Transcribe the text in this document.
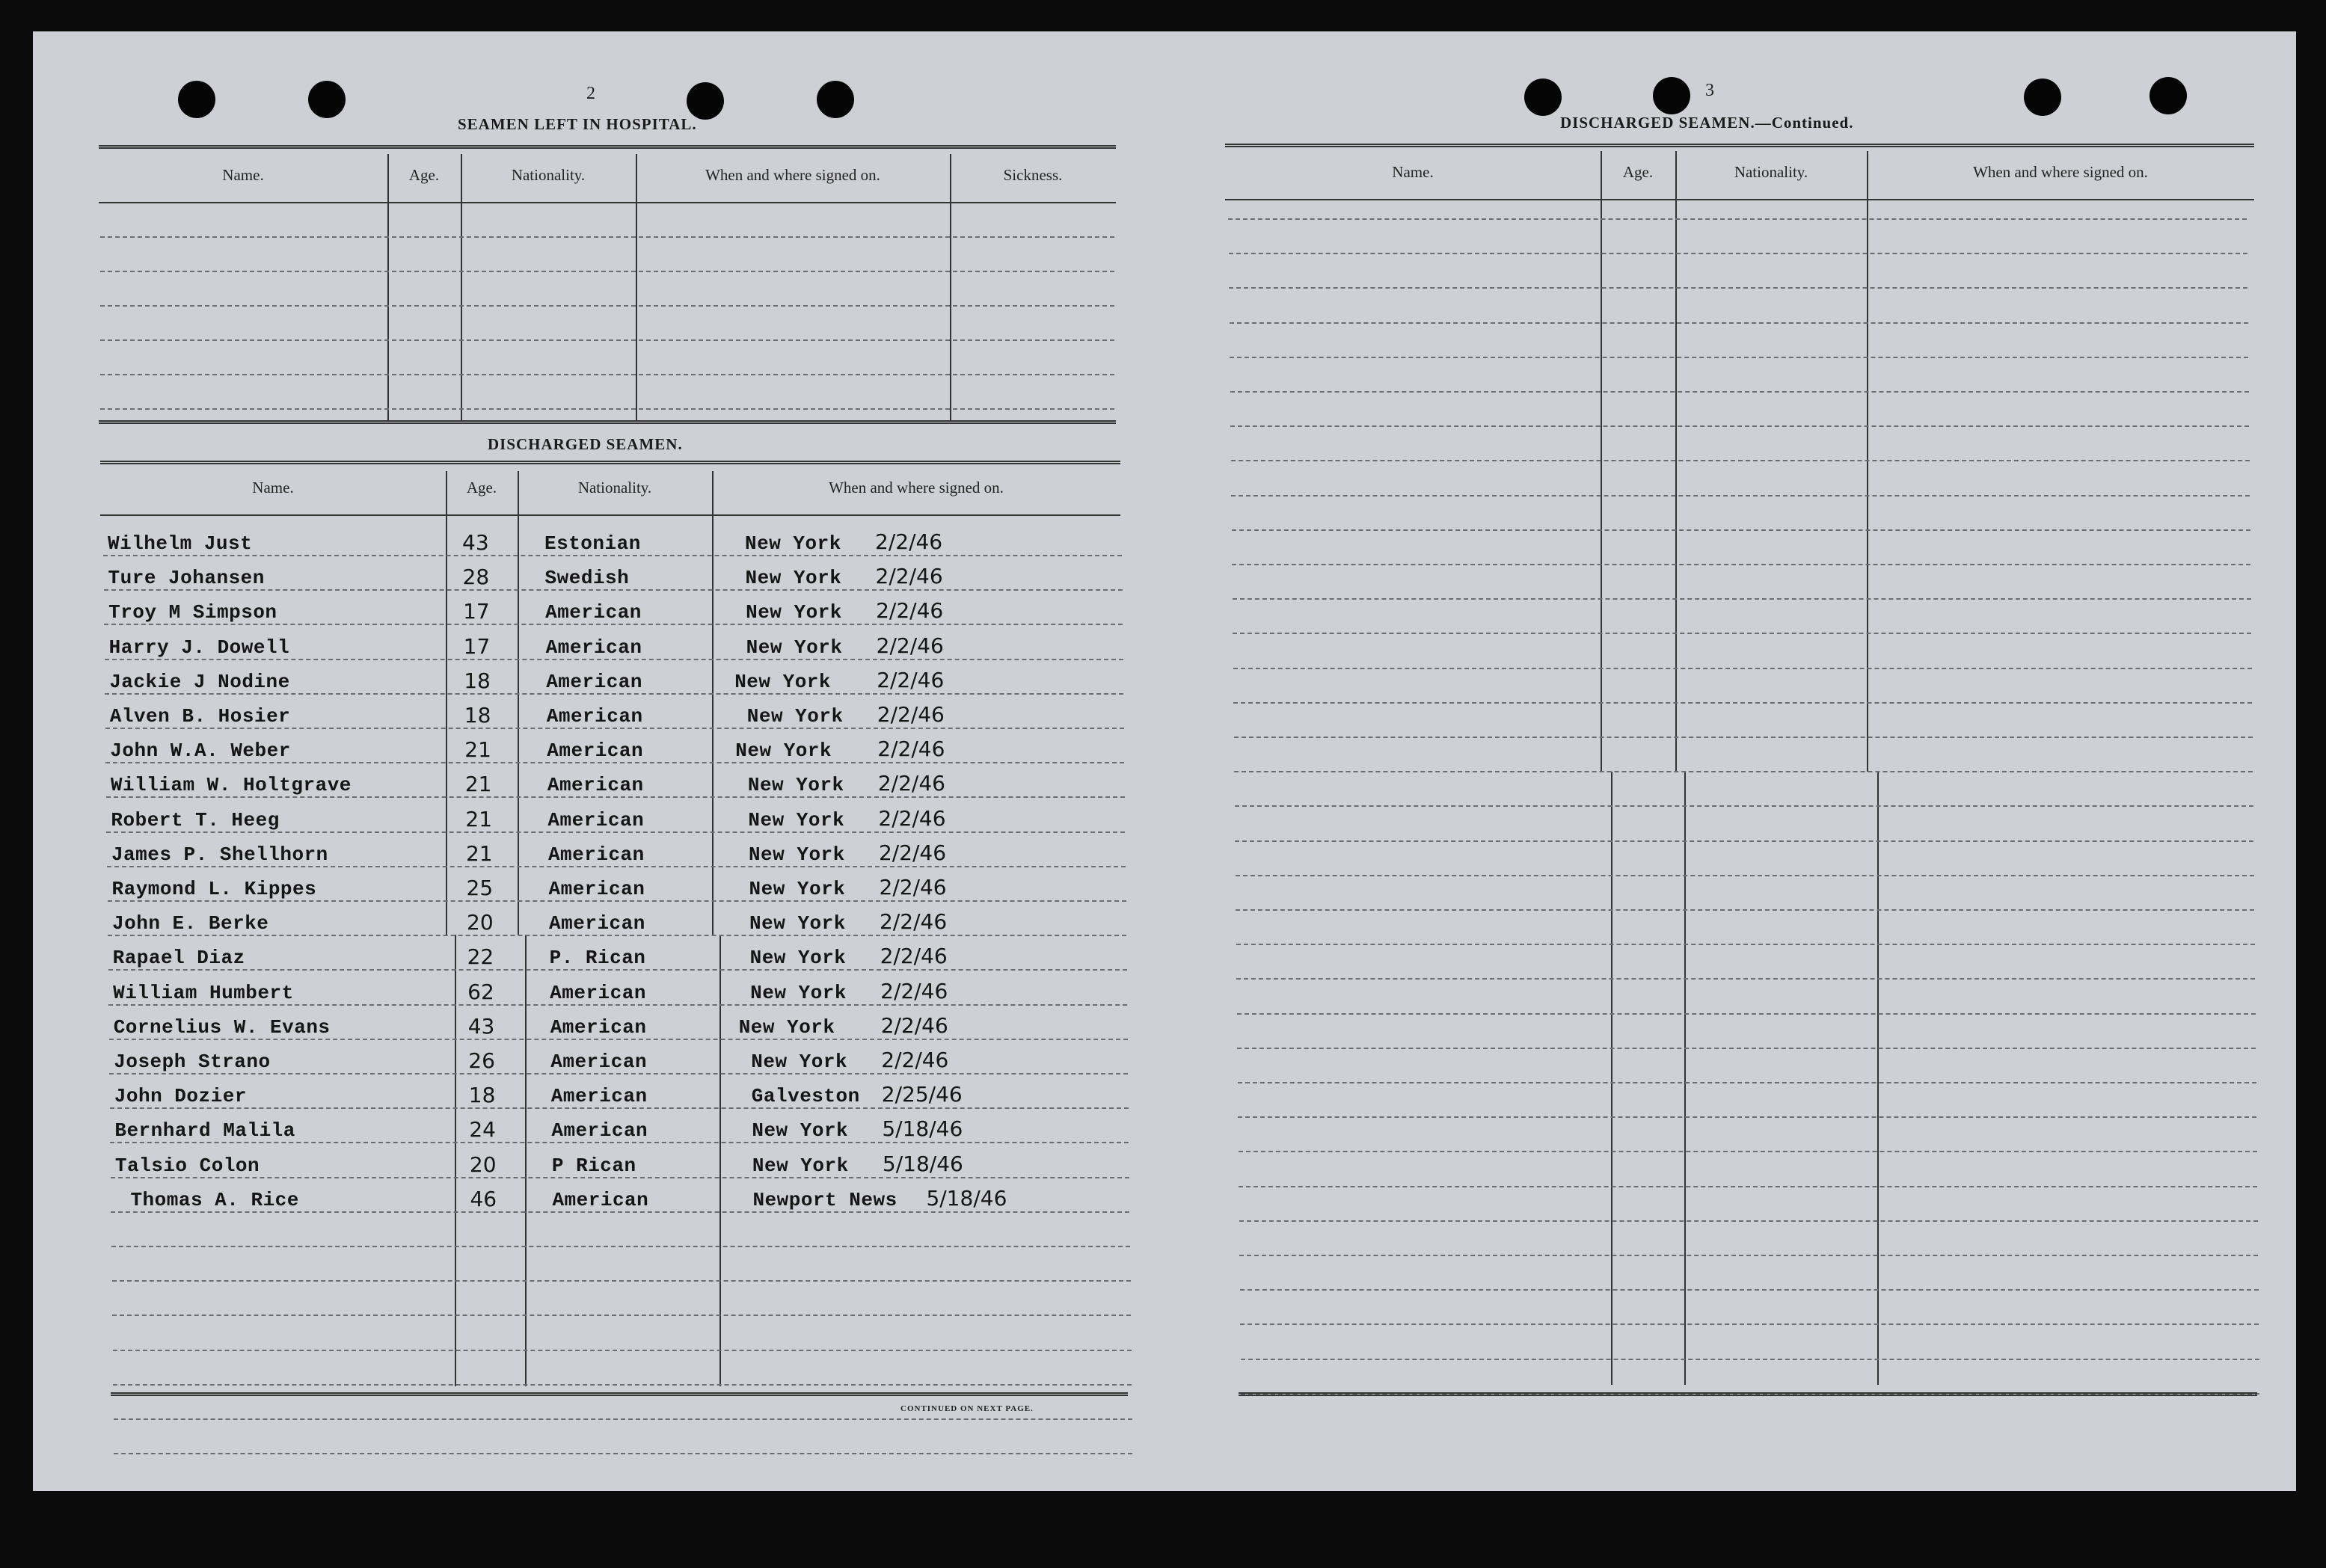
2
SEAMEN LEFT IN HOSPITAL.
Name.	Age.	Nationality.	When and where signed on.	Sickness.
DISCHARGED SEAMEN.
Name.	Age.	Nationality.	When and where signed on.
Wilhelm Just	43	Estonian	New York 2/2/46
Ture Johansen	28	Swedish	New York 2/2/46
Troy M Simpson	17	American	New York 2/2/46
Harry J. Dowell	17	American	New York 2/2/46
Jackie J Nodine	18	American	New York 2/2/46
Alven B. Hosier	18	American	New York 2/2/46
John W.A. Weber	21	American	New York 2/2/46
William W. Holtgrave	21	American	New York 2/2/46
Robert T. Heeg	21	American	New York 2/2/46
James P. Shellhorn	21	American	New York 2/2/46
Raymond L. Kippes	25	American	New York 2/2/46
John E. Berke	20	American	New York 2/2/46
Rapael Diaz	22	P. Rican	New York 2/2/46
William Humbert	62	American	New York 2/2/46
Cornelius W. Evans	43	American	New York 2/2/46
Joseph Strano	26	American	New York 2/2/46
John Dozier	18	American	Galveston 2/25/46
Bernhard Malila	24	American	New York 5/18/46
Talsio Colon	20	P Rican	New York 5/18/46
Thomas A. Rice	46	American	Newport News 5/18/46
CONTINUED ON NEXT PAGE.
3
DISCHARGED SEAMEN.—Continued.
Name.	Age.	Nationality.	When and where signed on.
